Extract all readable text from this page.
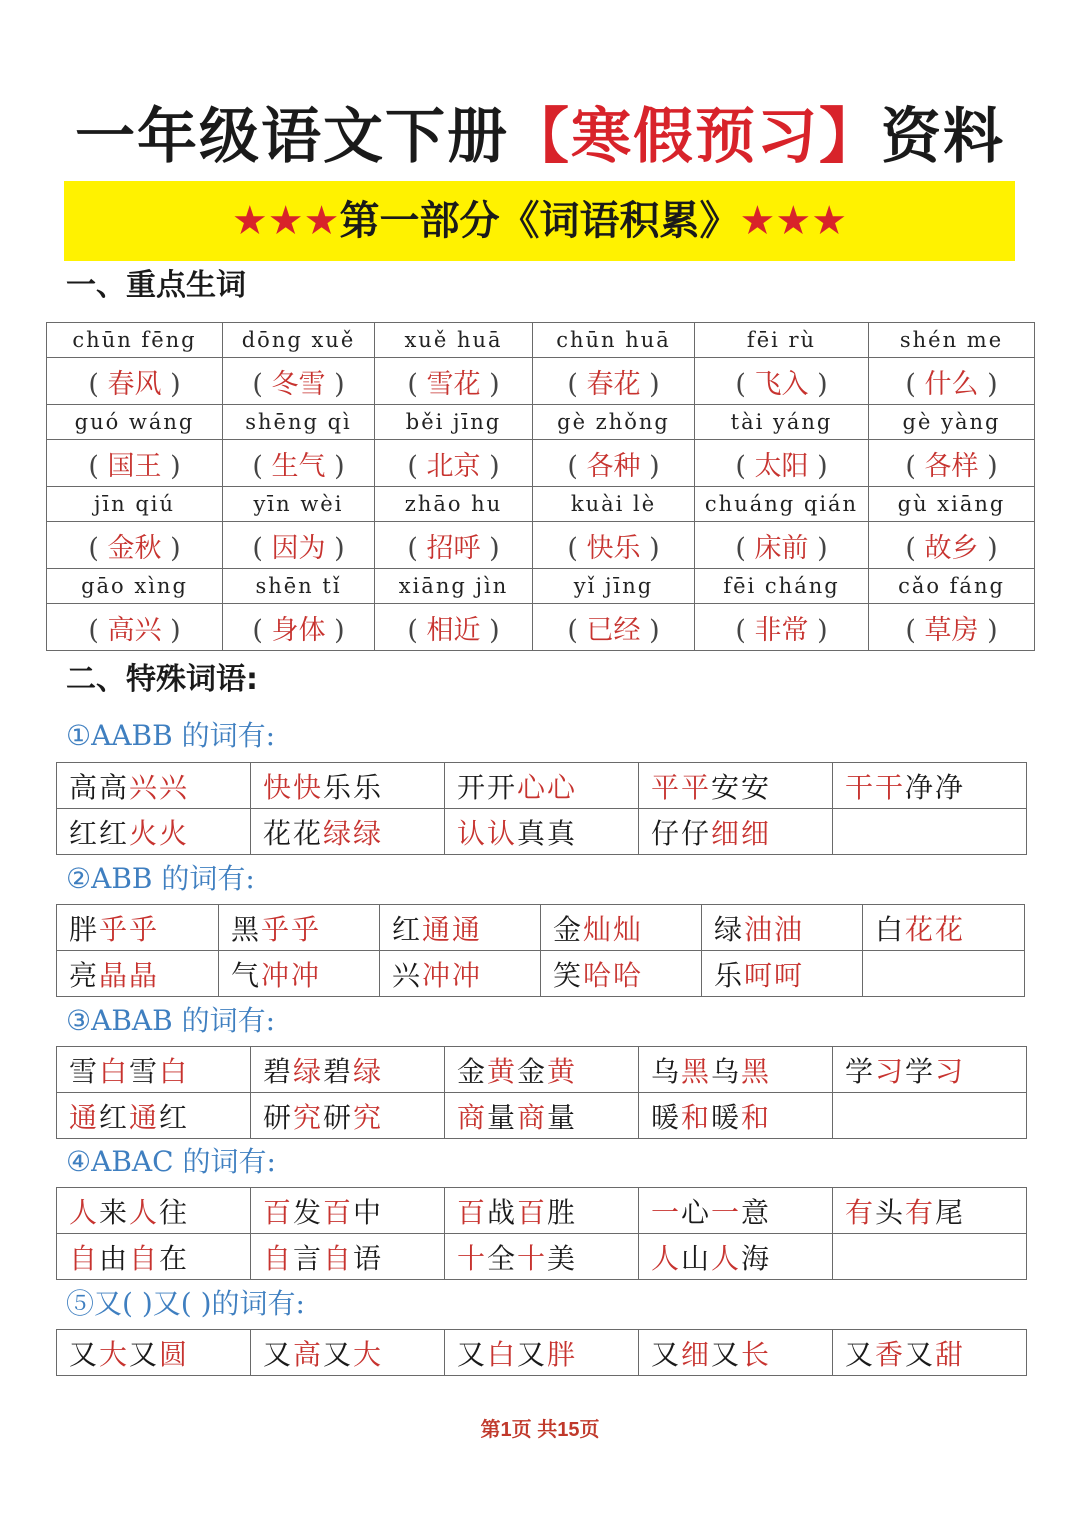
一年级语文下册【寒假预习】资料
★★★第一部分《词语积累》★★★
一、重点生词
chūn fēng	dōng xuě	xuě huā	chūn huā	fēi rù	shén me
( 春风 )	( 冬雪 )	( 雪花 )	( 春花 )	( 飞入 )	( 什么 )
guó wáng	shēng qì	běi jīng	gè zhǒng	tài yáng	gè yàng
( 国王 )	( 生气 )	( 北京 )	( 各种 )	( 太阳 )	( 各样 )
jīn qiú	yīn wèi	zhāo hu	kuài lè	chuáng qián	gù xiāng
( 金秋 )	( 因为 )	( 招呼 )	( 快乐 )	( 床前 )	( 故乡 )
gāo xìng	shēn tǐ	xiāng jìn	yǐ jīng	fēi cháng	cǎo fáng
( 高兴 )	( 身体 )	( 相近 )	( 已经 )	( 非常 )	( 草房 )
二、特殊词语:
①AABB 的词有:
高高兴兴	快快乐乐	开开心心	平平安安	干干净净
红红火火	花花绿绿	认认真真	仔仔细细	
②ABB 的词有:
胖乎乎	黑乎乎	红通通	金灿灿	绿油油	白花花
亮晶晶	气冲冲	兴冲冲	笑哈哈	乐呵呵	
③ABAB 的词有:
雪白雪白	碧绿碧绿	金黄金黄	乌黑乌黑	学习学习
通红通红	研究研究	商量商量	暖和暖和	
④ABAC 的词有:
人来人往	百发百中	百战百胜	一心一意	有头有尾
自由自在	自言自语	十全十美	人山人海	
⑤又( )又( )的词有:
又大又圆	又高又大	又白又胖	又细又长	又香又甜
第1页 共15页
